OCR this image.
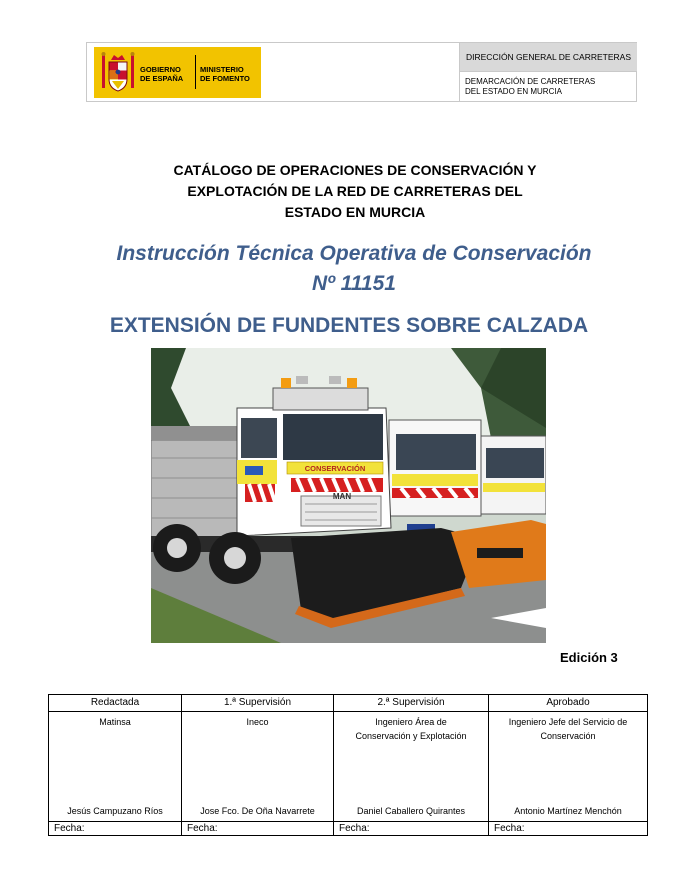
GOBIERNO
DE ESPAÑA
MINISTERIO
DE FOMENTO
DIRECCIÓN GENERAL DE CARRETERAS
DEMARCACIÓN DE CARRETERAS
DEL ESTADO EN MURCIA
CATÁLOGO DE OPERACIONES DE CONSERVACIÓN Y
EXPLOTACIÓN DE LA RED DE CARRETERAS DEL
ESTADO EN MURCIA
Instrucción Técnica Operativa de Conservación
Nº 11151
EXTENSIÓN DE FUNDENTES SOBRE CALZADA
CONSERVACIÓN
MAN
Edición 3
Redactada
Matinsa
Jesús Campuzano Ríos
Fecha:
1.ª Supervisión
Ineco
Jose Fco. De Oña Navarrete
Fecha:
2.ª Supervisión
Ingeniero Área de
Conservación y Explotación
Daniel Caballero Quirantes
Fecha:
Aprobado
Ingeniero Jefe del Servicio de
Conservación
Antonio Martínez Menchón
Fecha:
